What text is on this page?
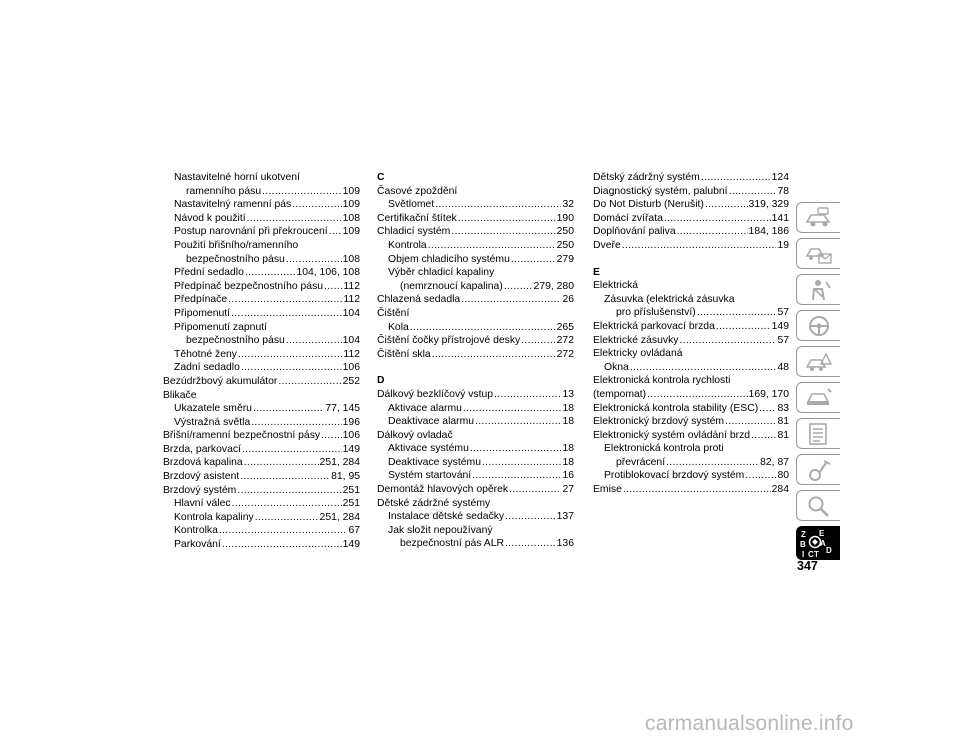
Nastavitelné horní ukotvení
ramenního pásu .....	109
Nastavitelný ramenní pás .....	109
Návod k použití .....	108
Postup narovnání při překroucení ..... 109
Použití břišního/ramenního
bezpečnostního pásu .....	108
Přední sedadlo .....	104, 106, 108
Předpínač bezpečnostního pásu ..... 112
Předpínače .....	112
Připomenutí .....	104
Připomenutí zapnutí
bezpečnostního pásu .....	104
Těhotné ženy .....	112
Zadní sedadlo .....	106
Bezúdržbový akumulátor .....	252
Blikače
Ukazatele směru .....	77, 145
Výstražná světla .....	196
Břišní/ramenní bezpečnostní pásy ..... 106
Brzda, parkovací .....	149
Brzdová kapalina .....	251, 284
Brzdový asistent .....	81, 95
Brzdový systém .....	251
Hlavní válec .....	251
Kontrola kapaliny .....	251, 284
Kontrolka .....	67
Parkování .....	149
C
Časové zpoždění
Světlomet .....	32
Certifikační štítek .....	190
Chladicí systém .....	250
Kontrola .....	250
Objem chladicího systému .....	279
Výběr chladicí kapaliny
(nemrznoucí kapalina) .....	279, 280
Chlazená sedadla .....	26
Čištění
Kola .....	265
Čištění čočky přístrojové desky .....	272
Čištění skla .....	272
D
Dálkový bezklíčový vstup .....	13
Aktivace alarmu .....	18
Deaktivace alarmu .....	18
Dálkový ovladač
Aktivace systému .....	18
Deaktivace systému .....	18
Systém startování .....	16
Demontáž hlavových opěrek .....	27
Dětské zádržné systémy
Instalace dětské sedačky .....	137
Jak složit nepoužívaný
bezpečnostní pás ALR .....	136
Dětský zádržný systém .....	124
Diagnostický systém, palubní .....	78
Do Not Disturb (Nerušit) .....	319, 329
Domácí zvířata .....	141
Doplňování paliva .....	184, 186
Dveře .....	19
E
Elektrická
Zásuvka (elektrická zásuvka
pro příslušenství) .....	57
Elektrická parkovací brzda .....	149
Elektrické zásuvky .....	57
Elektricky ovládaná
Okna .....	48
Elektronická kontrola rychlosti
(tempomat) .....	169, 170
Elektronická kontrola stability (ESC) ..... 83
Elektronický brzdový systém .....	81
Elektronický systém ovládání brzd .....	81
Elektronická kontrola proti
převrácení .....	82, 87
Protiblokovací brzdový systém .....	80
Emise .....	284
Z E
B A
I C T D
347
carmanualsonline.info
